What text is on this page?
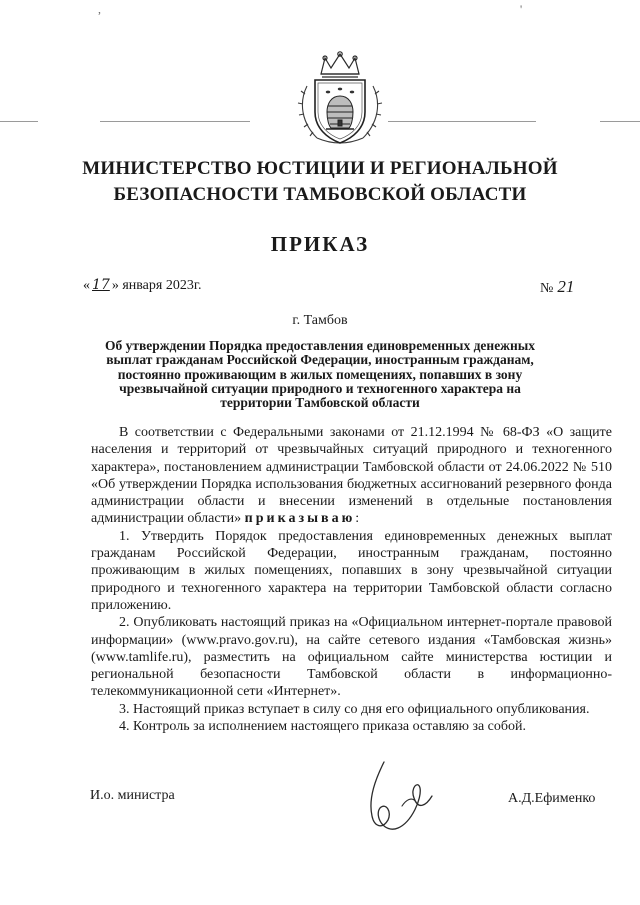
,	'
МИНИСТЕРСТВО ЮСТИЦИИ И РЕГИОНАЛЬНОЙ
БЕЗОПАСНОСТИ ТАМБОВСКОЙ ОБЛАСТИ
ПРИКАЗ
« 17 » января 2023г.	№ 21
г. Тамбов
Об утверждении Порядка предоставления единовременных денежных выплат гражданам Российской Федерации, иностранным гражданам, постоянно проживающим в жилых помещениях, попавших в зону чрезвычайной ситуации природного и техногенного характера на территории Тамбовской области

В соответствии с Федеральными законами от 21.12.1994 № 68-ФЗ «О защите населения и территорий от чрезвычайных ситуаций природного и техногенного характера», постановлением администрации Тамбовской области от 24.06.2022 № 510 «Об утверждении Порядка использования бюджетных ассигнований резервного фонда администрации области и внесении изменений в отдельные постановления администрации области» приказываю:

1. Утвердить Порядок предоставления единовременных денежных выплат гражданам Российской Федерации, иностранным гражданам, постоянно проживающим в жилых помещениях, попавших в зону чрезвычайной ситуации природного и техногенного характера на территории Тамбовской области согласно приложению.

2. Опубликовать настоящий приказ на «Официальном интернет-портале правовой информации» (www.pravo.gov.ru), на сайте сетевого издания «Тамбовская жизнь» (www.tamlife.ru), разместить на официальном сайте министерства юстиции и региональной безопасности Тамбовской области в информационно-телекоммуникационной сети «Интернет».

3. Настоящий приказ вступает в силу со дня его официального опубликования.

4. Контроль за исполнением настоящего приказа оставляю за собой.

И.о. министра	А.Д.Ефименко
